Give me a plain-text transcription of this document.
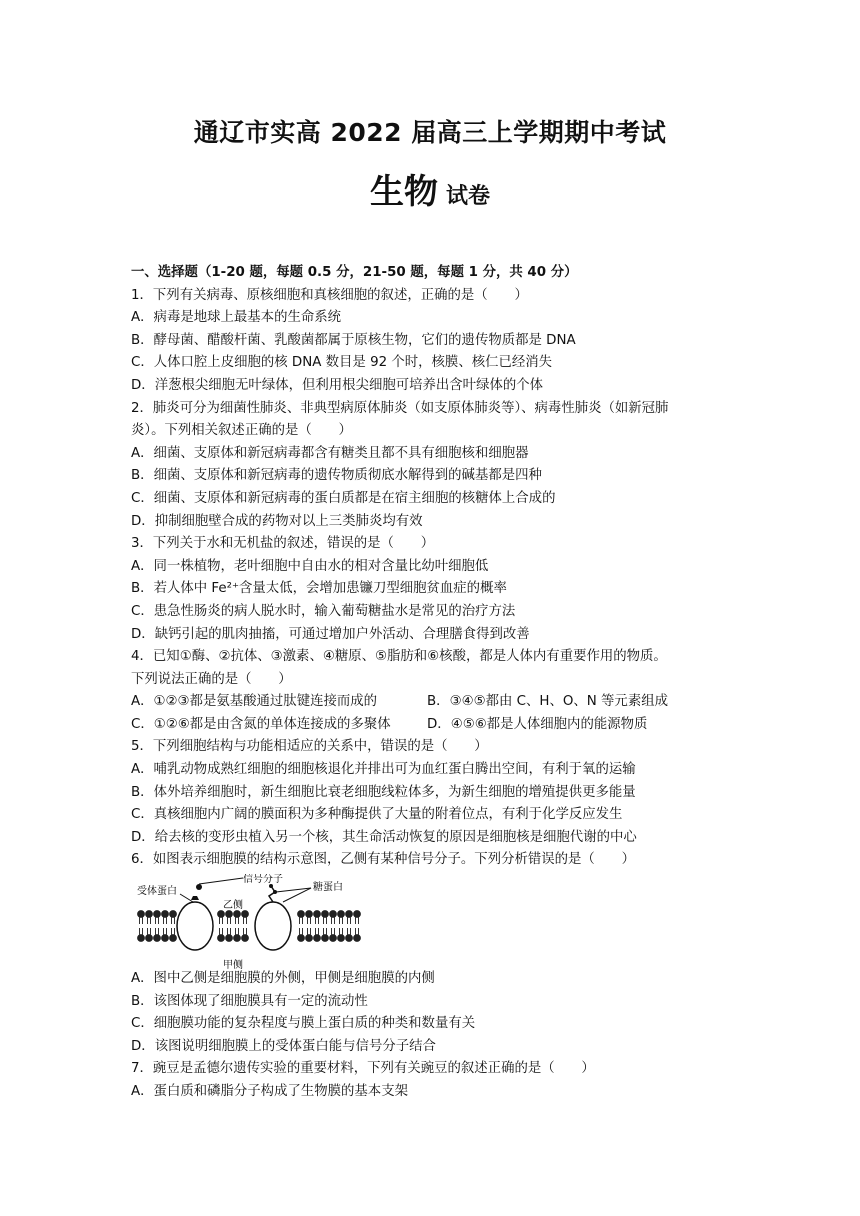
通辽市实高 2022 届高三上学期期中考试
生物 试卷
一、选择题（1-20 题，每题 0.5 分，21-50 题，每题 1 分，共 40 分）
1．下列有关病毒、原核细胞和真核细胞的叙述，正确的是（　　）
A．病毒是地球上最基本的生命系统
B．酵母菌、醋酸杆菌、乳酸菌都属于原核生物，它们的遗传物质都是 DNA
C．人体口腔上皮细胞的核 DNA 数目是 92 个时，核膜、核仁已经消失
D．洋葱根尖细胞无叶绿体，但利用根尖细胞可培养出含叶绿体的个体
2．肺炎可分为细菌性肺炎、非典型病原体肺炎（如支原体肺炎等）、病毒性肺炎（如新冠肺
炎）。下列相关叙述正确的是（　　）
A．细菌、支原体和新冠病毒都含有糖类且都不具有细胞核和细胞器
B．细菌、支原体和新冠病毒的遗传物质彻底水解得到的碱基都是四种
C．细菌、支原体和新冠病毒的蛋白质都是在宿主细胞的核糖体上合成的
D．抑制细胞壁合成的药物对以上三类肺炎均有效
3．下列关于水和无机盐的叙述，错误的是（　　）
A．同一株植物，老叶细胞中自由水的相对含量比幼叶细胞低
B．若人体中 Fe²⁺含量太低，会增加患镰刀型细胞贫血症的概率
C．患急性肠炎的病人脱水时，输入葡萄糖盐水是常见的治疗方法
D．缺钙引起的肌肉抽搐，可通过增加户外活动、合理膳食得到改善
4．已知①酶、②抗体、③激素、④糖原、⑤脂肪和⑥核酸，都是人体内有重要作用的物质。
下列说法正确的是（　　）
A．①②③都是氨基酸通过肽键连接而成的	B．③④⑤都由 C、H、O、N 等元素组成
C．①②⑥都是由含氮的单体连接成的多聚体	D．④⑤⑥都是人体细胞内的能源物质
5．下列细胞结构与功能相适应的关系中，错误的是（　　）
A．哺乳动物成熟红细胞的细胞核退化并排出可为血红蛋白腾出空间，有利于氧的运输
B．体外培养细胞时，新生细胞比衰老细胞线粒体多，为新生细胞的增殖提供更多能量
C．真核细胞内广阔的膜面积为多种酶提供了大量的附着位点，有利于化学反应发生
D．给去核的变形虫植入另一个核，其生命活动恢复的原因是细胞核是细胞代谢的中心
6．如图表示细胞膜的结构示意图，乙侧有某种信号分子。下列分析错误的是（　　）
信号分子
受体蛋白	糖蛋白
乙侧
甲侧
A．图中乙侧是细胞膜的外侧，甲侧是细胞膜的内侧
B．该图体现了细胞膜具有一定的流动性
C．细胞膜功能的复杂程度与膜上蛋白质的种类和数量有关
D．该图说明细胞膜上的受体蛋白能与信号分子结合
7．豌豆是孟德尔遗传实验的重要材料，下列有关豌豆的叙述正确的是（　　）
A．蛋白质和磷脂分子构成了生物膜的基本支架
